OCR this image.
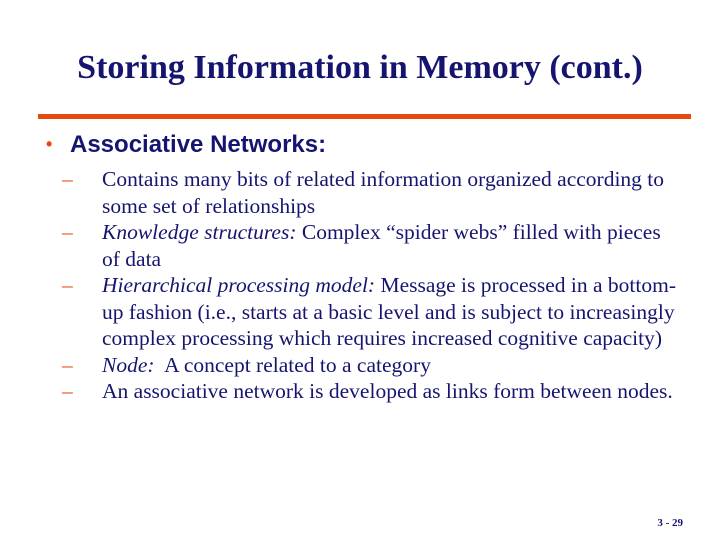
Storing Information in Memory (cont.)
• Associative Networks:
–	Contains many bits of related information organized according to some set of relationships
–	Knowledge structures: Complex “spider webs” filled with pieces of data
–	Hierarchical processing model: Message is processed in a bottom-up fashion (i.e., starts at a basic level and is subject to increasingly complex processing which requires increased cognitive capacity)
–	Node:  A concept related to a category
–	An associative network is developed as links form between nodes.
3 - 29
